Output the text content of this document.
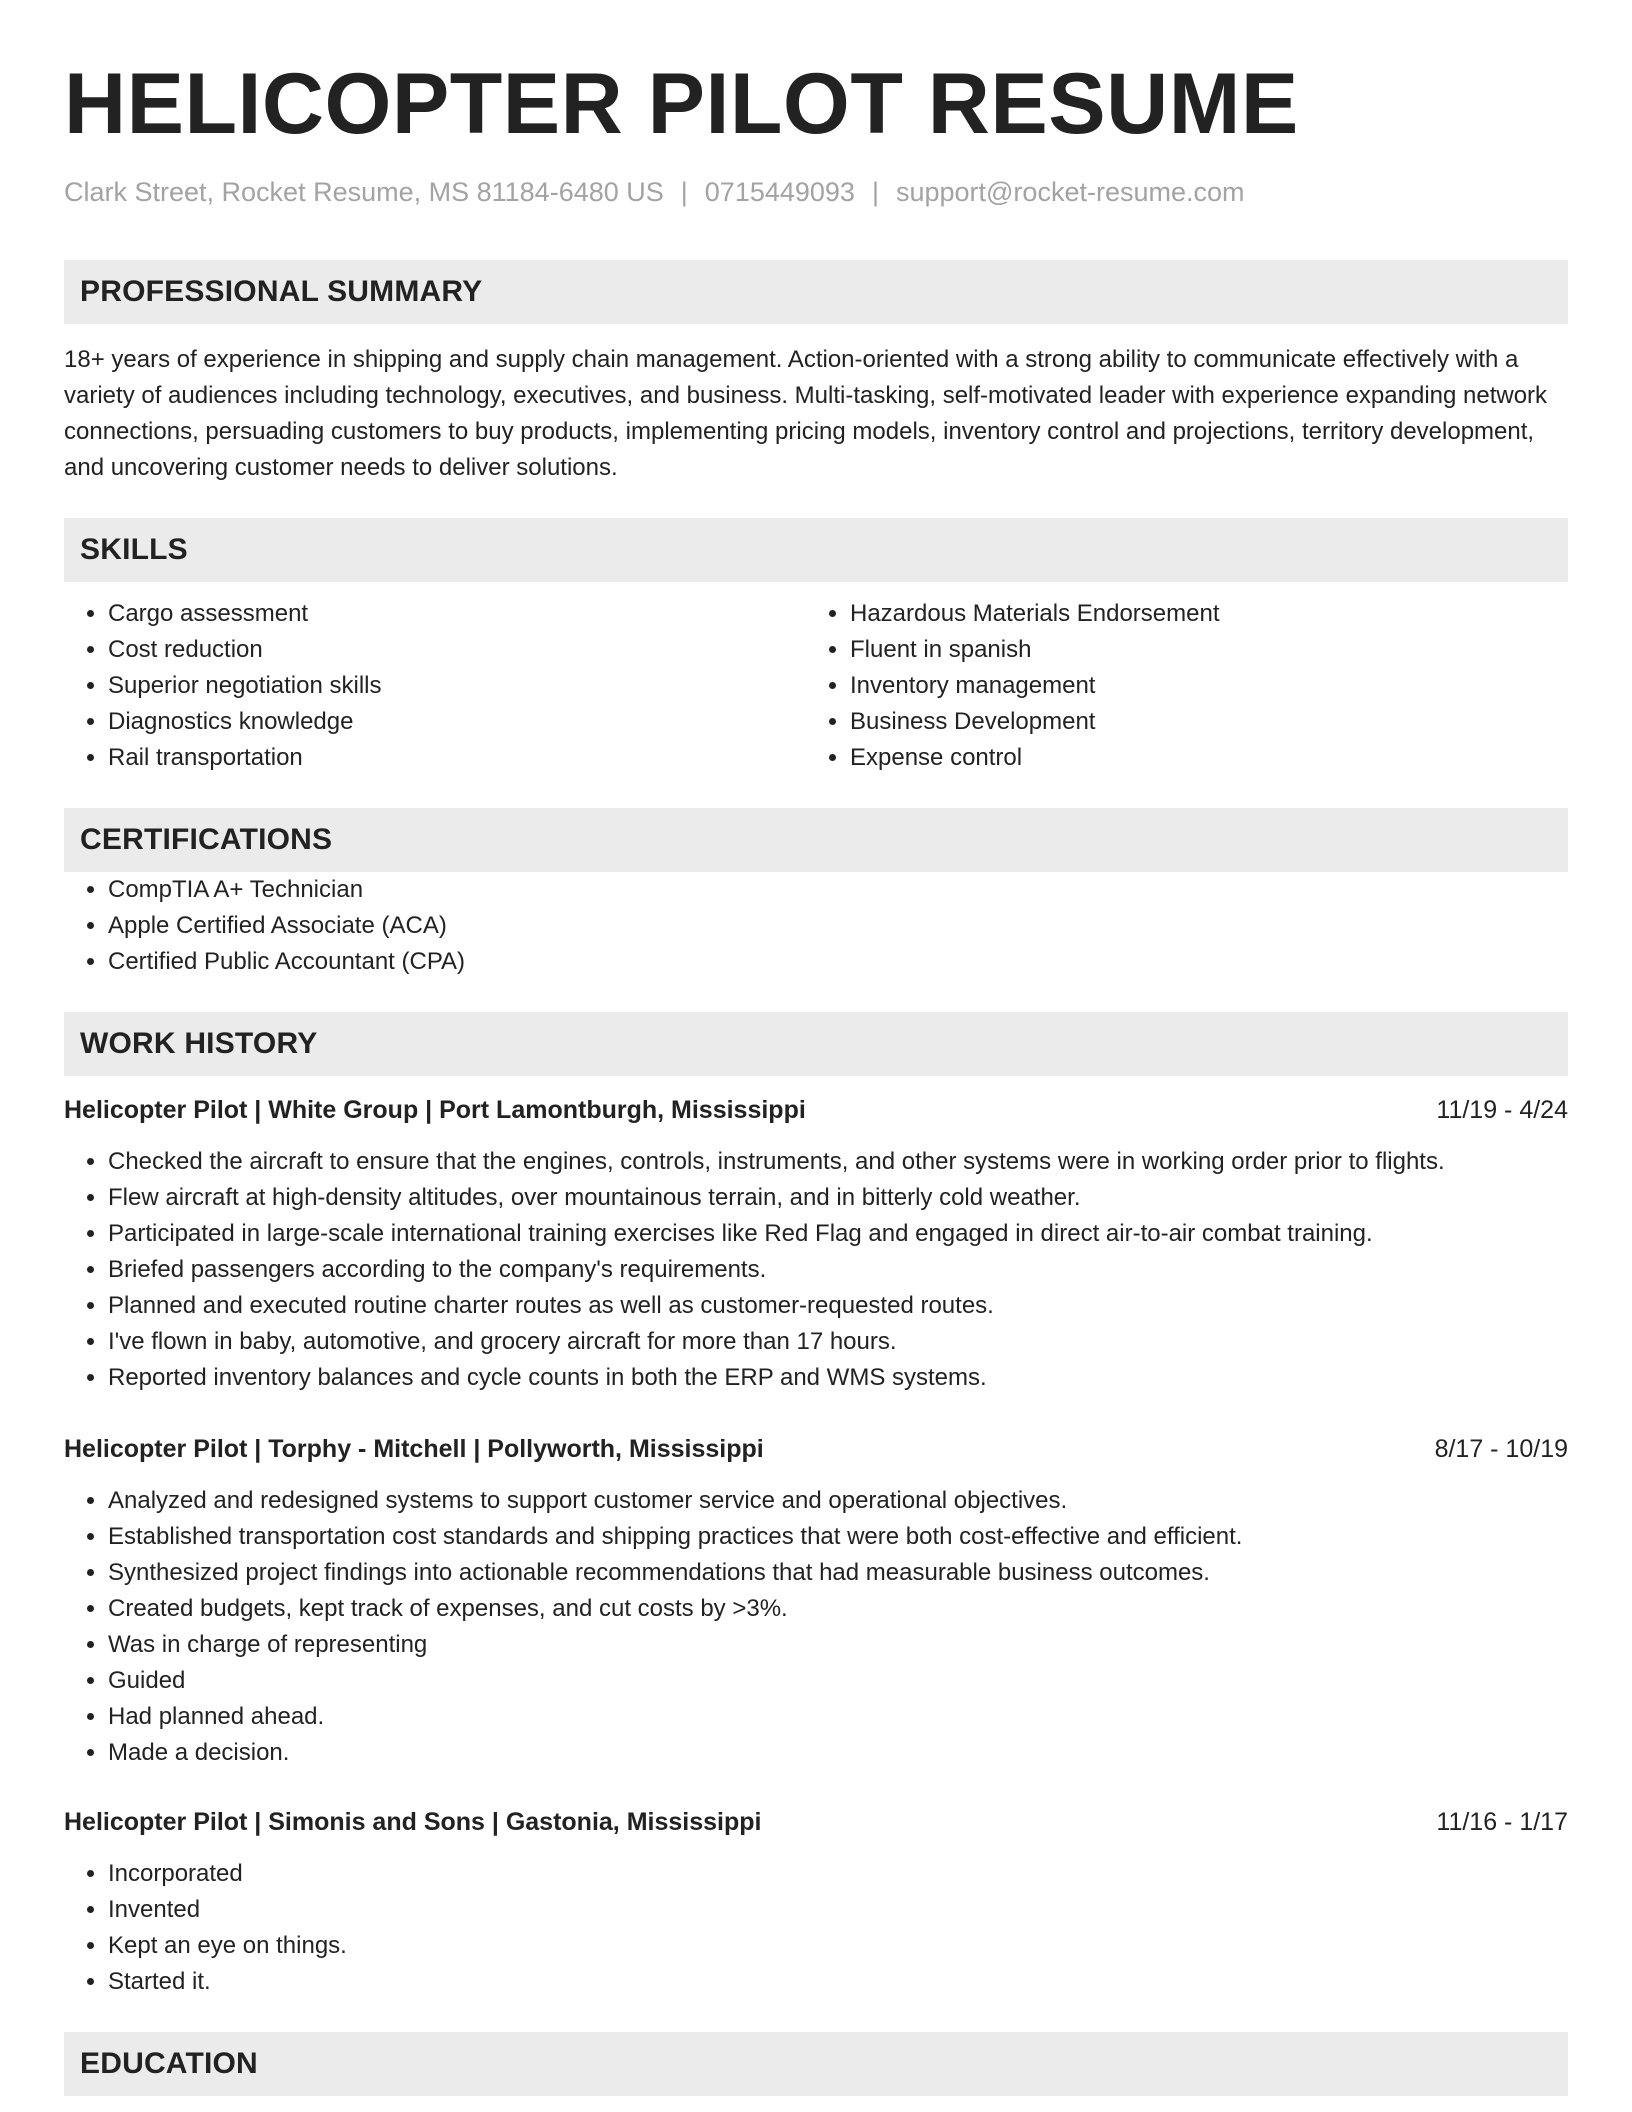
HELICOPTER PILOT RESUME
Clark Street, Rocket Resume, MS 81184-6480 US | 0715449093 | support@rocket-resume.com
PROFESSIONAL SUMMARY

18+ years of experience in shipping and supply chain management. Action-oriented with a strong ability to communicate effectively with a variety of audiences including technology, executives, and business. Multi-tasking, self-motivated leader with experience expanding network connections, persuading customers to buy products, implementing pricing models, inventory control and projections, territory development, and uncovering customer needs to deliver solutions.

SKILLS
• Cargo assessment
• Cost reduction
• Superior negotiation skills
• Diagnostics knowledge
• Rail transportation
• Hazardous Materials Endorsement
• Fluent in spanish
• Inventory management
• Business Development
• Expense control
CERTIFICATIONS
• CompTIA A+ Technician
• Apple Certified Associate (ACA)
• Certified Public Accountant (CPA)
WORK HISTORY
Helicopter Pilot | White Group | Port Lamontburgh, Mississippi	11/19 - 4/24
• Checked the aircraft to ensure that the engines, controls, instruments, and other systems were in working order prior to flights.
• Flew aircraft at high-density altitudes, over mountainous terrain, and in bitterly cold weather.
• Participated in large-scale international training exercises like Red Flag and engaged in direct air-to-air combat training.
• Briefed passengers according to the company's requirements.
• Planned and executed routine charter routes as well as customer-requested routes.
• I've flown in baby, automotive, and grocery aircraft for more than 17 hours.
• Reported inventory balances and cycle counts in both the ERP and WMS systems.
Helicopter Pilot | Torphy - Mitchell | Pollyworth, Mississippi	8/17 - 10/19
• Analyzed and redesigned systems to support customer service and operational objectives.
• Established transportation cost standards and shipping practices that were both cost-effective and efficient.
• Synthesized project findings into actionable recommendations that had measurable business outcomes.
• Created budgets, kept track of expenses, and cut costs by >3%.
• Was in charge of representing
• Guided
• Had planned ahead.
• Made a decision.
Helicopter Pilot | Simonis and Sons | Gastonia, Mississippi	11/16 - 1/17
• Incorporated
• Invented
• Kept an eye on things.
• Started it.
EDUCATION
